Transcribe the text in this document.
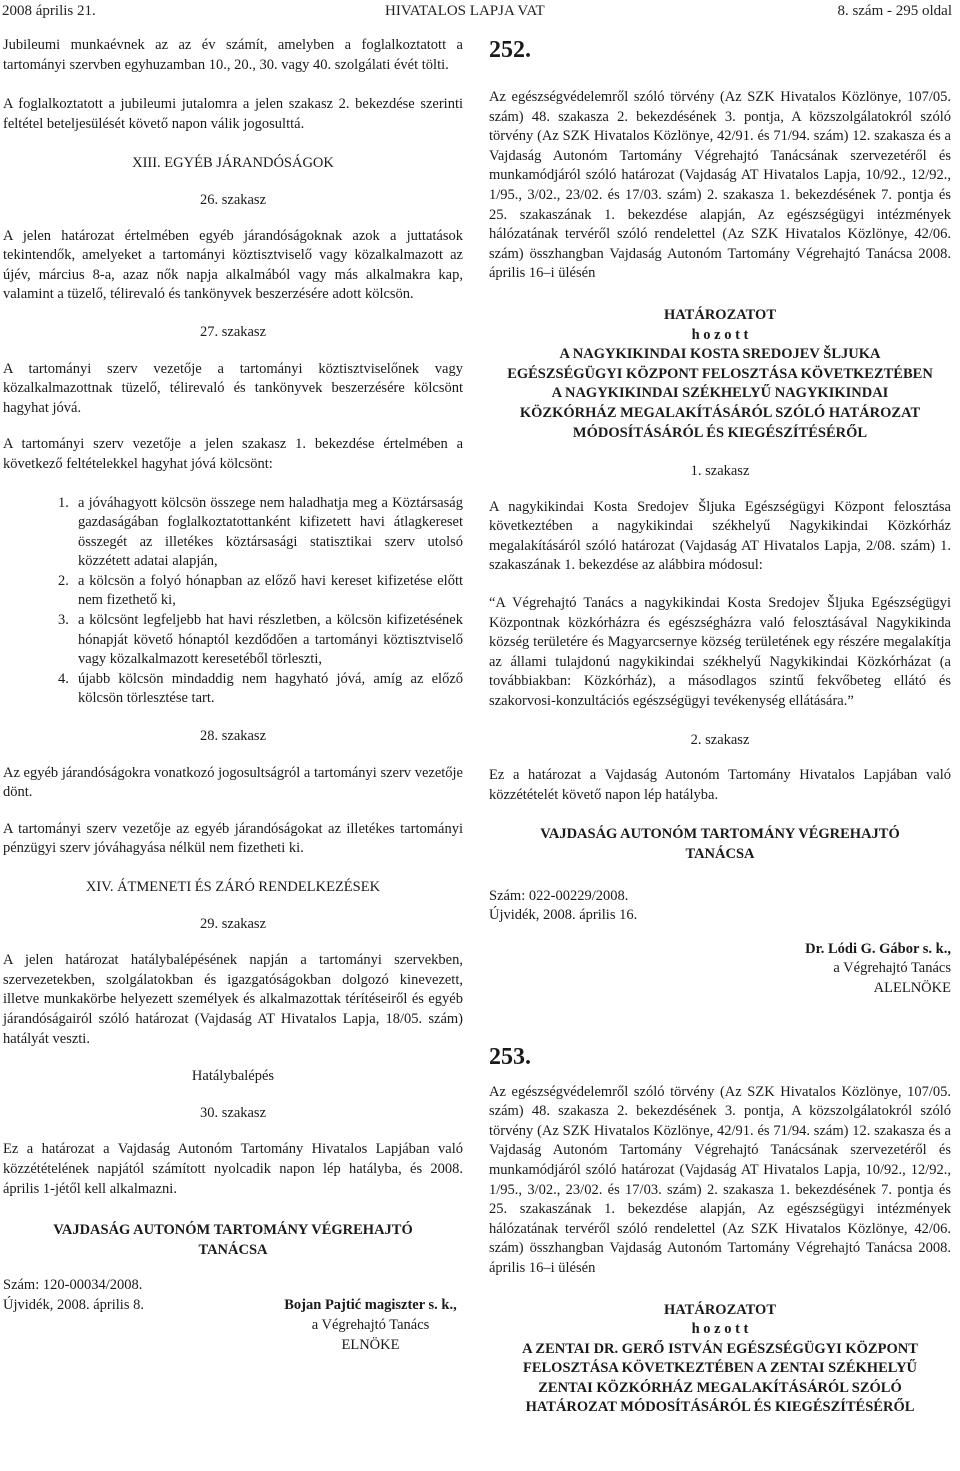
2008 április 21.	HIVATALOS LAPJA VAT	8. szám - 295 oldal

Jubileumi munkaévnek az az év számít, amelyben a foglalkoztatott a tartományi szervben egyhuzamban 10., 20., 30. vagy 40. szolgálati évét tölti.

A foglalkoztatott a jubileumi jutalomra a jelen szakasz 2. bekezdése szerinti feltétel beteljesülését követő napon válik jogosulttá.

XIII. EGYÉB JÁRANDÓSÁGOK

26. szakasz

A jelen határozat értelmében egyéb járandóságoknak azok a juttatások tekintendők, amelyeket a tartományi köztisztviselő vagy közalkalmazott az újév, március 8-a, azaz nők napja alkalmából vagy más alkalmakra kap, valamint a tüzelő, télirevaló és tankönyvek beszerzésére adott kölcsön.

27. szakasz

A tartományi szerv vezetője a tartományi köztisztviselőnek vagy közalkalmazottnak tüzelő, télirevaló és tankönyvek beszerzésére kölcsönt hagyhat jóvá.

A tartományi szerv vezetője a jelen szakasz 1. bekezdése értelmében a következő feltételekkel hagyhat jóvá kölcsönt:

1. a jóváhagyott kölcsön összege nem haladhatja meg a Köztársaság gazdaságában foglalkoztatottanként kifizetett havi átlagkereset összegét az illetékes köztársasági statisztikai szerv utolsó közzétett adatai alapján,

2. a kölcsön a folyó hónapban az előző havi kereset kifizetése előtt nem fizethető ki,

3. a kölcsönt legfeljebb hat havi részletben, a kölcsön kifizetésének hónapját követő hónaptól kezdődően a tartományi köztisztviselő vagy közalkalmazott keresetéből törleszti,

4. újabb kölcsön mindaddig nem hagyható jóvá, amíg az előző kölcsön törlesztése tart.

28. szakasz

Az egyéb járandóságokra vonatkozó jogosultságról a tartományi szerv vezetője dönt.

A tartományi szerv vezetője az egyéb járandóságokat az illetékes tartományi pénzügyi szerv jóváhagyása nélkül nem fizetheti ki.

XIV. ÁTMENETI ÉS ZÁRÓ RENDELKEZÉSEK

29. szakasz

A jelen határozat hatálybalépésének napján a tartományi szervekben, szervezetekben, szolgálatokban és igazgatóságokban dolgozó kinevezett, illetve munkakörbe helyezett személyek és alkalmazottak térítéseiről és egyéb járandóságairól szóló határozat (Vajdaság AT Hivatalos Lapja, 18/05. szám) hatályát veszti.

Hatálybalépés

30. szakasz

Ez a határozat a Vajdaság Autonóm Tartomány Hivatalos Lapjában való közzétételének napjától számított nyolcadik napon lép hatályba, és 2008. április 1-jétől kell alkalmazni.

VAJDASÁG AUTONÓM TARTOMÁNY VÉGREHAJTÓ TANÁCSA

Szám: 120-00034/2008.

Újvidék, 2008. április 8.	Bojan Pajtić magiszter s. k.,

a Végrehajtó Tanács

ELNÖKE

252.

Az egészségvédelemről szóló törvény (Az SZK Hivatalos Közlönye, 107/05. szám) 48. szakasza 2. bekezdésének 3. pontja, A közszolgálatokról szóló törvény (Az SZK Hivatalos Közlönye, 42/91. és 71/94. szám) 12. szakasza és a Vajdaság Autonóm Tartomány Végrehajtó Tanácsának szervezetéről és munkamódjáról szóló határozat (Vajdaság AT Hivatalos Lapja, 10/92., 12/92., 1/95., 3/02., 23/02. és 17/03. szám) 2. szakasza 1. bekezdésének 7. pontja és 25. szakaszának 1. bekezdése alapján, Az egészségügyi intézmények hálózatának tervéről szóló rendelettel (Az SZK Hivatalos Közlönye, 42/06. szám) összhangban Vajdaság Autonóm Tartomány Végrehajtó Tanácsa 2008. április 16–i ülésén

HATÁROZATOT

h o z o t t

A NAGYKIKINDAI KOSTA SREDOJEV ŠLJUKA EGÉSZSÉGÜGYI KÖZPONT FELOSZTÁSA KÖVETKEZTÉBEN A NAGYKIKINDAI SZÉKHELYŰ NAGYKIKINDAI KÖZKÓRHÁZ MEGALAKÍTÁSÁRÓL SZÓLÓ HATÁROZAT MÓDOSÍTÁSÁRÓL ÉS KIEGÉSZÍTÉSÉRŐL

1. szakasz

A nagykikindai Kosta Sredojev Šljuka Egészségügyi Központ felosztása következtében a nagykikindai székhelyű Nagykikindai Közkórház megalakításáról szóló határozat (Vajdaság AT Hivatalos Lapja, 2/08. szám) 1. szakaszának 1. bekezdése az alábbira módosul:

“A Végrehajtó Tanács a nagykikindai Kosta Sredojev Šljuka Egészségügyi Központnak közkórházra és egészségházra való felosztásával Nagykikinda község területére és Magyarcsernye község területének egy részére megalakítja az állami tulajdonú nagykikindai székhelyű Nagykikindai Közkórházat (a továbbiakban: Közkórház), a másodlagos szintű fekvőbeteg ellátó és szakorvosi-konzultációs egészségügyi tevékenység ellátására.”

2. szakasz

Ez a határozat a Vajdaság Autonóm Tartomány Hivatalos Lapjában való közzétételét követő napon lép hatályba.

VAJDASÁG AUTONÓM TARTOMÁNY VÉGREHAJTÓ TANÁCSA

Szám: 022-00229/2008.

Újvidék, 2008. április 16.

Dr. Lódi G. Gábor s. k.,

a Végrehajtó Tanács

ALELNÖKE

253.

Az egészségvédelemről szóló törvény (Az SZK Hivatalos Közlönye, 107/05. szám) 48. szakasza 2. bekezdésének 3. pontja, A közszolgálatokról szóló törvény (Az SZK Hivatalos Közlönye, 42/91. és 71/94. szám) 12. szakasza és a Vajdaság Autonóm Tartomány Végrehajtó Tanácsának szervezetéről és munkamódjáról szóló határozat (Vajdaság AT Hivatalos Lapja, 10/92., 12/92., 1/95., 3/02., 23/02. és 17/03. szám) 2. szakasza 1. bekezdésének 7. pontja és 25. szakaszának 1. bekezdése alapján, Az egészségügyi intézmények hálózatának tervéről szóló rendelettel (Az SZK Hivatalos Közlönye, 42/06. szám) összhangban Vajdaság Autonóm Tartomány Végrehajtó Tanácsa 2008. április 16–i ülésén

HATÁROZATOT

h o z o t t

A ZENTAI DR. GERŐ ISTVÁN EGÉSZSÉGÜGYI KÖZPONT FELOSZTÁSA KÖVETKEZTÉBEN A ZENTAI SZÉKHELYŰ ZENTAI KÖZKÓRHÁZ MEGALAKÍTÁSÁRÓL SZÓLÓ HATÁROZAT MÓDOSÍTÁSÁRÓL ÉS KIEGÉSZÍTÉSÉRŐL
